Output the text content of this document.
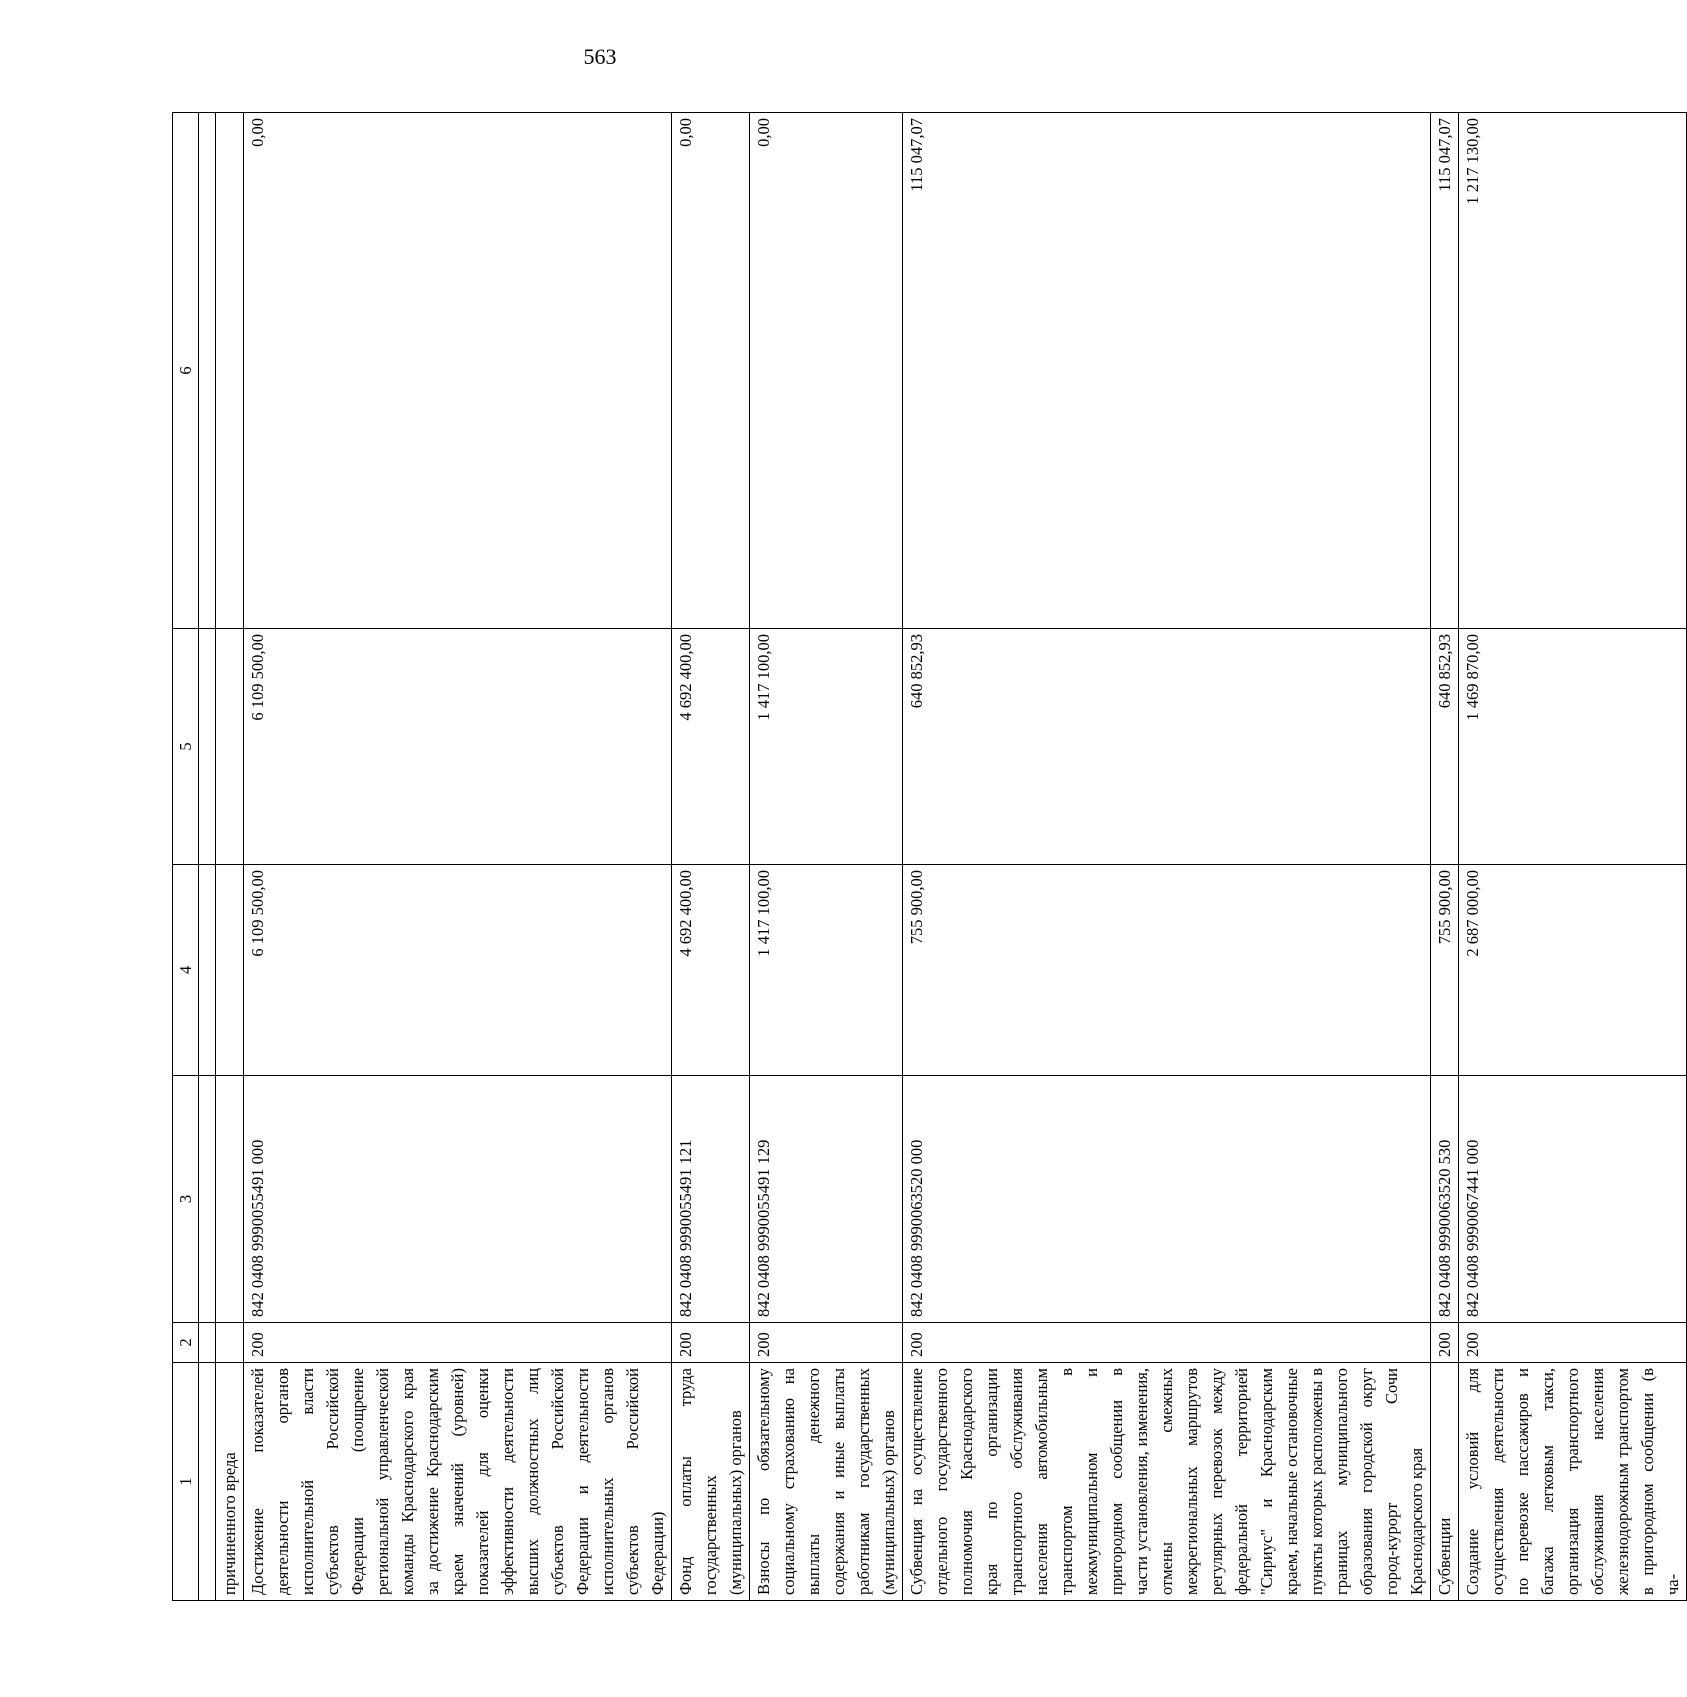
563
1	2	3	4	5	6

причиненного вреда					
Достижение показателей деятельности органов исполнительной власти субъектов Российской Федерации (поощрение региональной управленческой команды Краснодарского края за достижение Краснодарским краем значений (уровней) показателей для оценки эффективности деятельности высших должностных лиц субъектов Российской Федерации и деятельности исполнительных органов субъектов Российской Федерации)	200	842 0408 9990055491 000	6 109 500,00	6 109 500,00	0,00
Фонд оплаты труда государственных (муниципальных) органов	200	842 0408 9990055491 121	4 692 400,00	4 692 400,00	0,00
Взносы по обязательному социальному страхованию на выплаты денежного содержания и иные выплаты работникам государственных (муниципальных) органов	200	842 0408 9990055491 129	1 417 100,00	1 417 100,00	0,00
Субвенция на осуществление отдельного государственного полномочия Краснодарского края по организации транспортного обслуживания населения автомобильным транспортом в межмуниципальном и пригородном сообщении в части установления, изменения, отмены смежных межрегиональных маршрутов регулярных перевозок между федеральной территорией "Сириус" и Краснодарским краем, начальные остановочные пункты которых расположены в границах муниципального образования городской округ город-курорт Сочи Краснодарского края	200	842 0408 9990063520 000	755 900,00	640 852,93	115 047,07
Субвенции	200	842 0408 9990063520 530	755 900,00	640 852,93	115 047,07
Создание условий для осуществления деятельности по перевозке пассажиров и багажа легковым такси, организация транспортного обслуживания населения железнодорожным транспортом в пригородном сообщении (в ча-	200	842 0408 9990067441 000	2 687 000,00	1 469 870,00	1 217 130,00
